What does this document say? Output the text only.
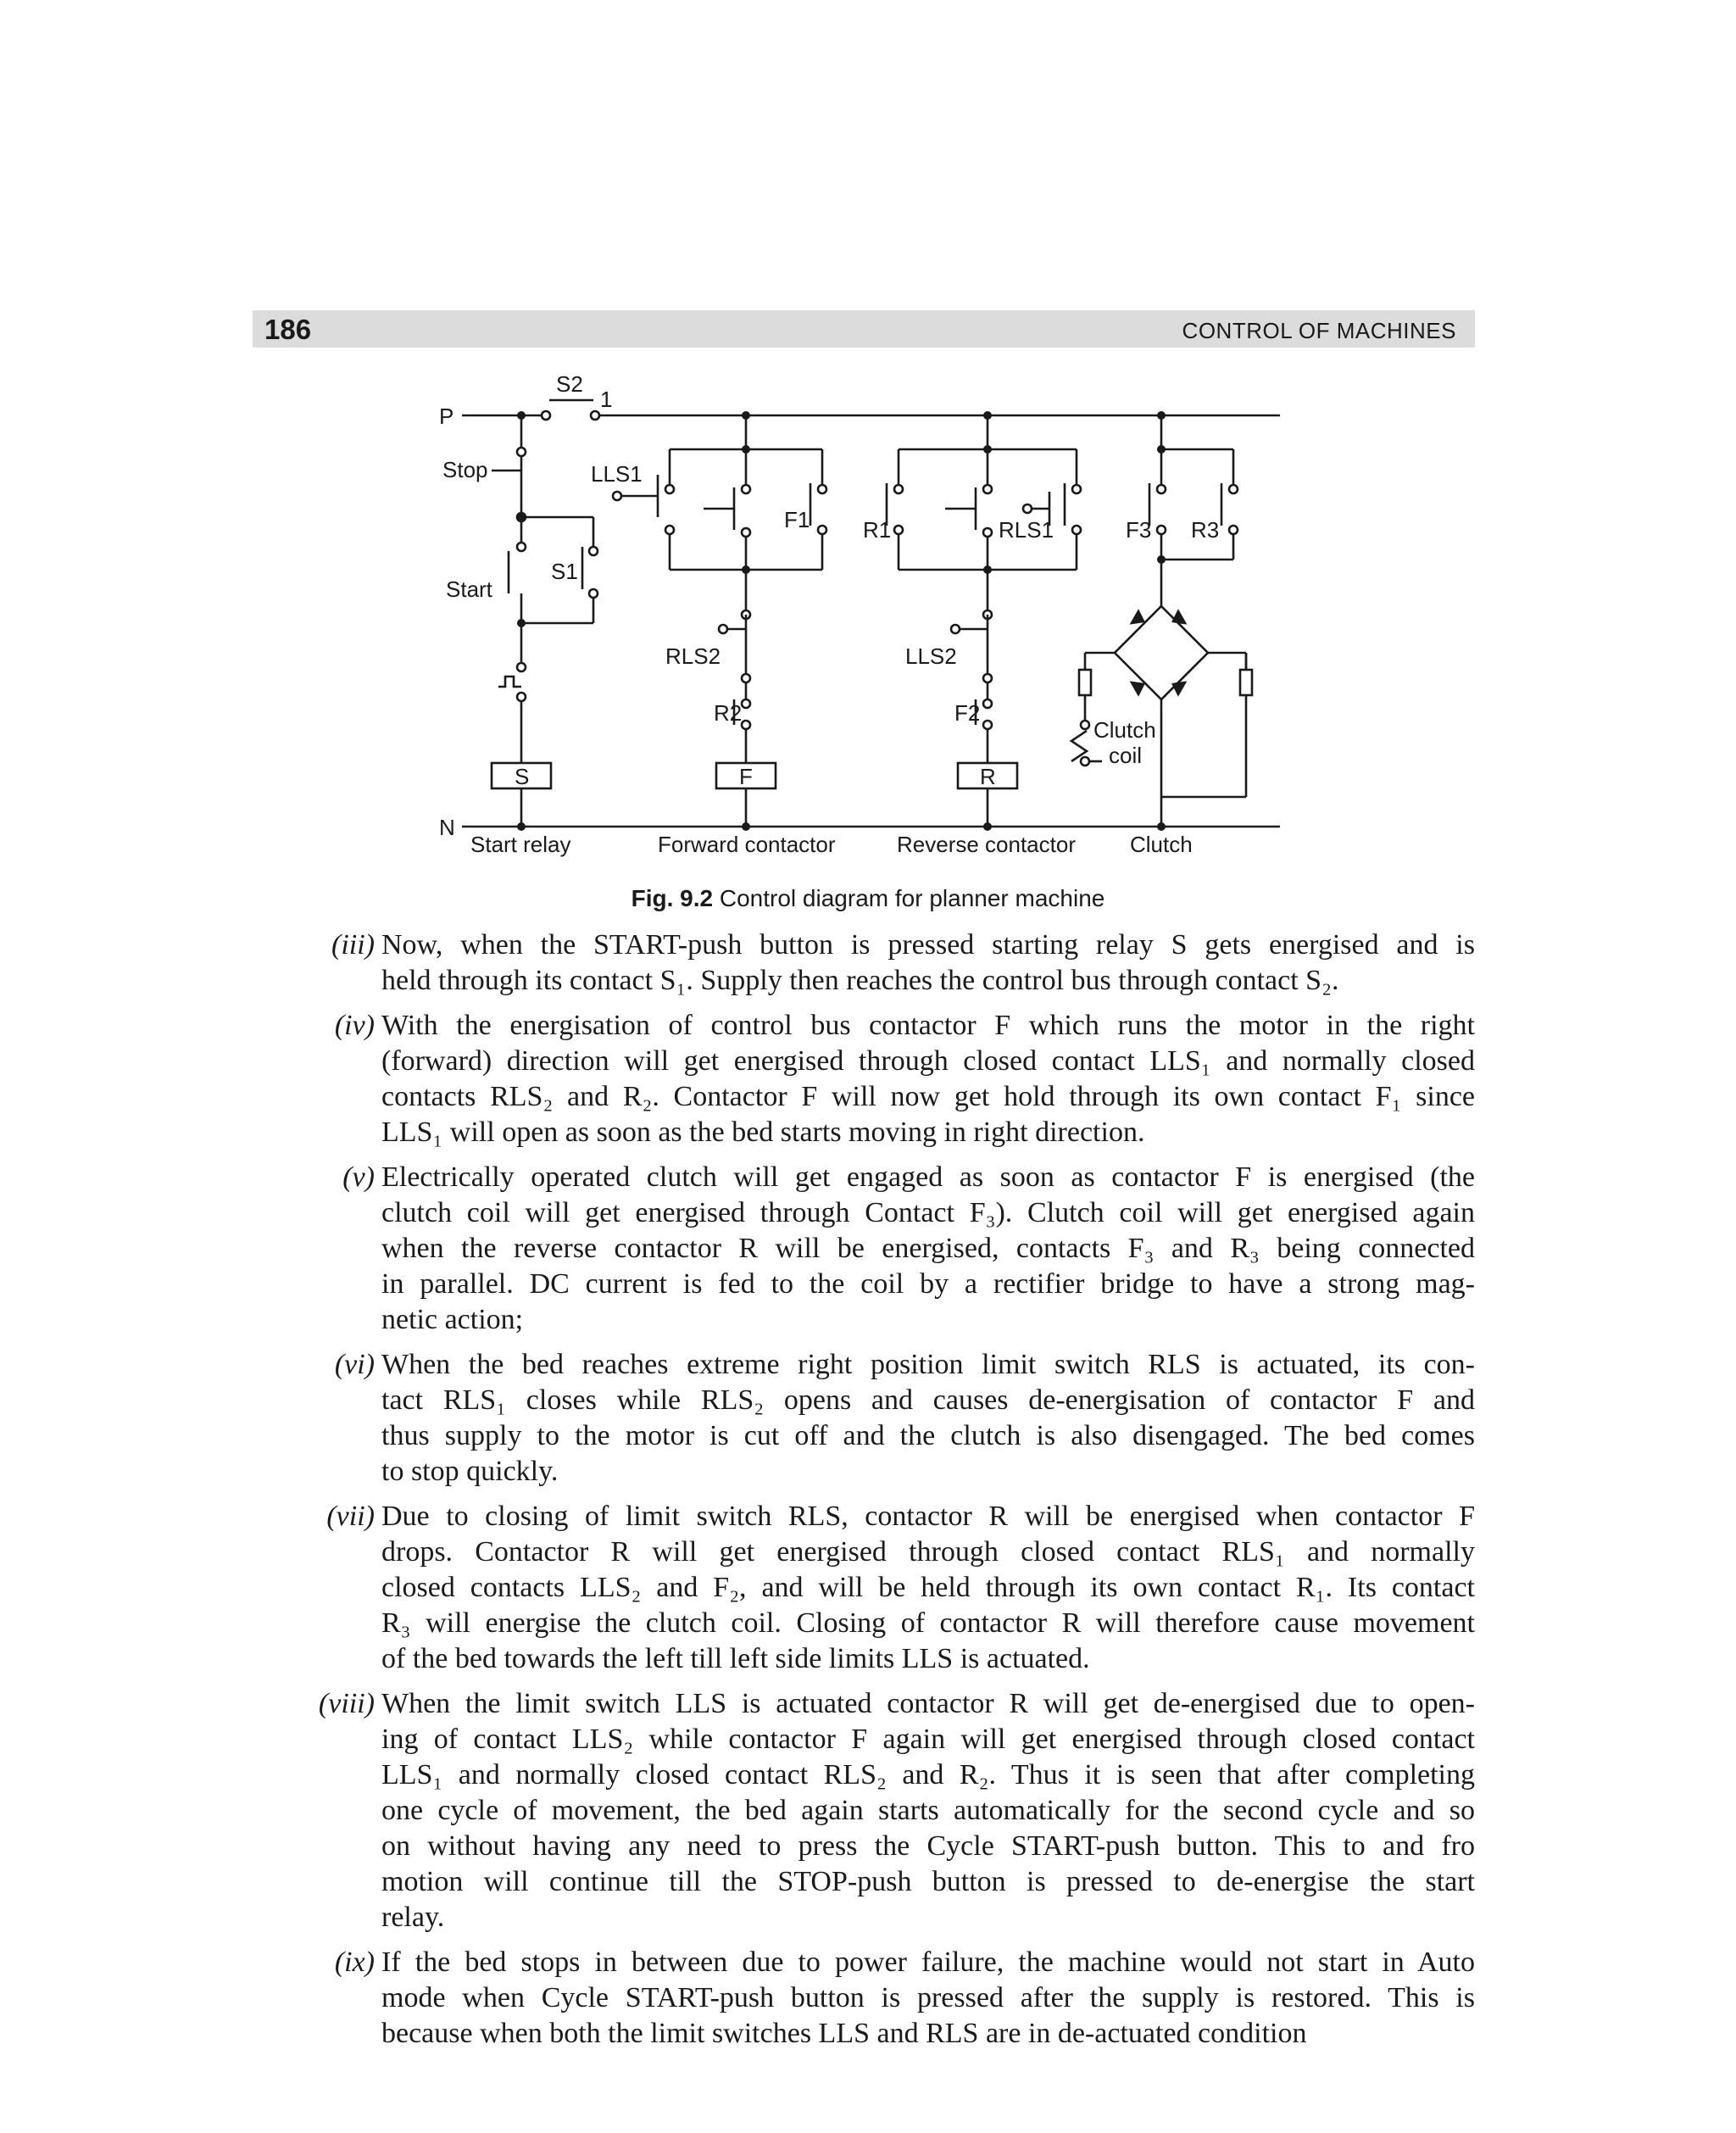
186	CONTROL OF MACHINES
P
N
S2
1
Stop
Start
S1
LLS1
F1 R1	RLS1	F3 R3
RLS2	LLS2
R2	F2
Clutch
coil
S	F	R
Start relay	Forward contactor	Reverse contactor Clutch
Fig. 9.2 Control diagram for planner machine
(iii) Now, when the START-push button is pressed starting relay S gets energised and is
held through its contact S₁. Supply then reaches the control bus through contact S₂.
(iv) With the energisation of control bus contactor F which runs the motor in the right
(forward) direction will get energised through closed contact LLS₁ and normally closed
contacts RLS₂ and R₂. Contactor F will now get hold through its own contact F₁ since
LLS₁ will open as soon as the bed starts moving in right direction.
(v) Electrically operated clutch will get engaged as soon as contactor F is energised (the
clutch coil will get energised through Contact F₃). Clutch coil will get energised again
when the reverse contactor R will be energised, contacts F₃ and R₃ being connected
in parallel. DC current is fed to the coil by a rectifier bridge to have a strong mag-
netic action;
(vi) When the bed reaches extreme right position limit switch RLS is actuated, its con-
tact RLS₁ closes while RLS₂ opens and causes de-energisation of contactor F and
thus supply to the motor is cut off and the clutch is also disengaged. The bed comes
to stop quickly.
(vii) Due to closing of limit switch RLS, contactor R will be energised when contactor F
drops. Contactor R will get energised through closed contact RLS₁ and normally
closed contacts LLS₂ and F₂, and will be held through its own contact R₁. Its contact
R₃ will energise the clutch coil. Closing of contactor R will therefore cause movement
of the bed towards the left till left side limits LLS is actuated.
(viii) When the limit switch LLS is actuated contactor R will get de-energised due to open-
ing of contact LLS₂ while contactor F again will get energised through closed contact
LLS₁ and normally closed contact RLS₂ and R₂. Thus it is seen that after completing
one cycle of movement, the bed again starts automatically for the second cycle and so
on without having any need to press the Cycle START-push button. This to and fro
motion will continue till the STOP-push button is pressed to de-energise the start
relay.
(ix) If the bed stops in between due to power failure, the machine would not start in Auto
mode when Cycle START-push button is pressed after the supply is restored. This is
because when both the limit switches LLS and RLS are in de-actuated condition
